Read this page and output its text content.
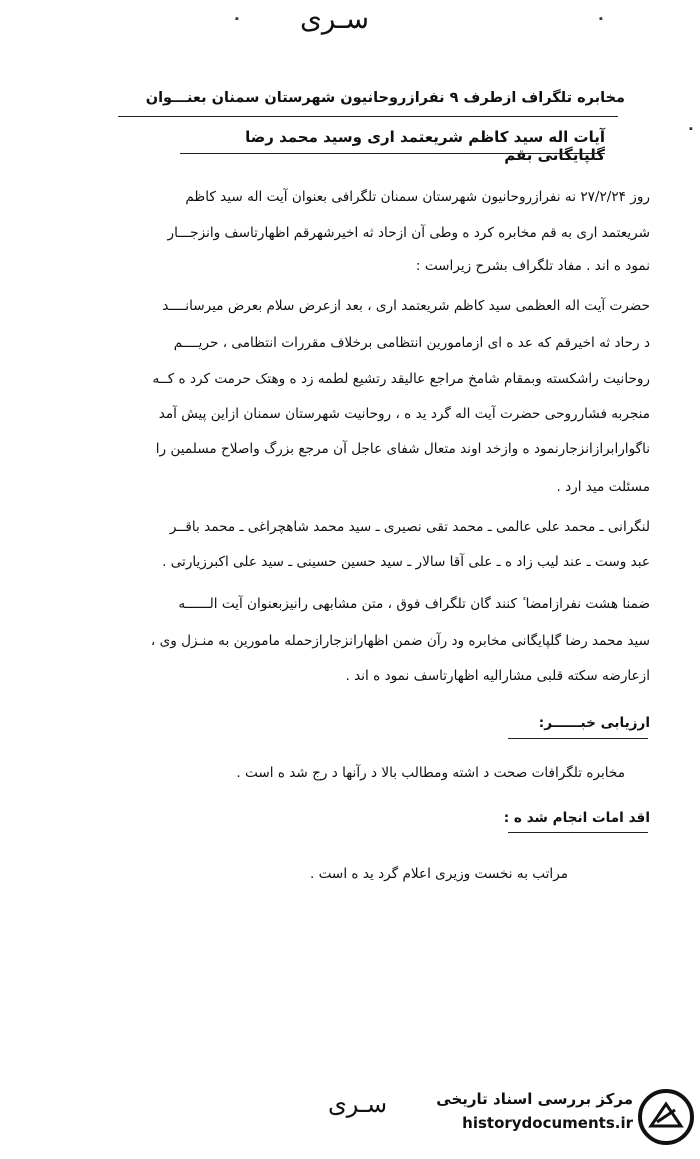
سـری	٠
٠
٠
مخابره تلگراف ازطرف ۹ نفرازروحانیون شهرستان سمنان بعنـــوان
آیات اله سید کاظم شریعتمد اری وسید محمد رضا گلپایگانی بقم
روز ۲۷/۲/۲۴ نه نفرازروحانیون شهرستان سمنان تلگرافی بعنوان آیت اله سید کاظم
شریعتمد اری به قم مخابره کرد ه وطی آن ازحاد ثه اخیرشهرقم اظهارتاسف وانزجـــار
نمود ه اند . مفاد تلگراف بشرح زیراست :
حضرت آیت اله العظمی سید کاظم شریعتمد اری ، بعد ازعرض سلام بعرض میرسانــــد
د رحاد ثه اخیرقم که عد ه ای ازمامورین انتظامی برخلاف مقررات انتظامی ، حریــــم
روحانیت راشکسته وبمقام شامخ مراجع عالیقد رتشیع لطمه زد ه وهتک حرمت کرد ه کــه
منجربه فشارروحی حضرت آیت اله گرد ید ه ، روحانیت شهرستان سمنان ازاین پیش آمد
ناگوارابرازانزجارنمود ه وازخد اوند متعال شفای عاجل آن مرجع بزرگ واصلاح مسلمین را
مسئلت مید ارد .
لنگرانی ـ محمد علی عالمی ـ محمد تقی نصیری ـ سید محمد شاهچراغی ـ محمد باقــر
عبد وست ـ عند لیب زاد ه ـ علی آقا سالار ـ سید حسین حسینی ـ سید علی اکبرزیارتی .
ضمنا هشت نفرازامضا ٔ کنند گان تلگراف فوق ، متن مشابهی رانیزبعنوان آیت الــــــه
سید محمد رضا گلپایگانی مخابره ود رآن ضمن اظهارانزجارازحمله مامورین به منـزل وی ،
ازعارضه سکته قلبی مشارالیه اظهارتاسف نمود ه اند .
ارزیابی خبــــــر:
مخابره تلگرافات صحت د اشته ومطالب بالا د رآنها د رج شد ه است .
اقد امات انجام شد ه :
مراتب به نخست وزیری اعلام گرد ید ه است .
سـری	مرکز بررسی اسناد تاریخی
historydocuments.ir
